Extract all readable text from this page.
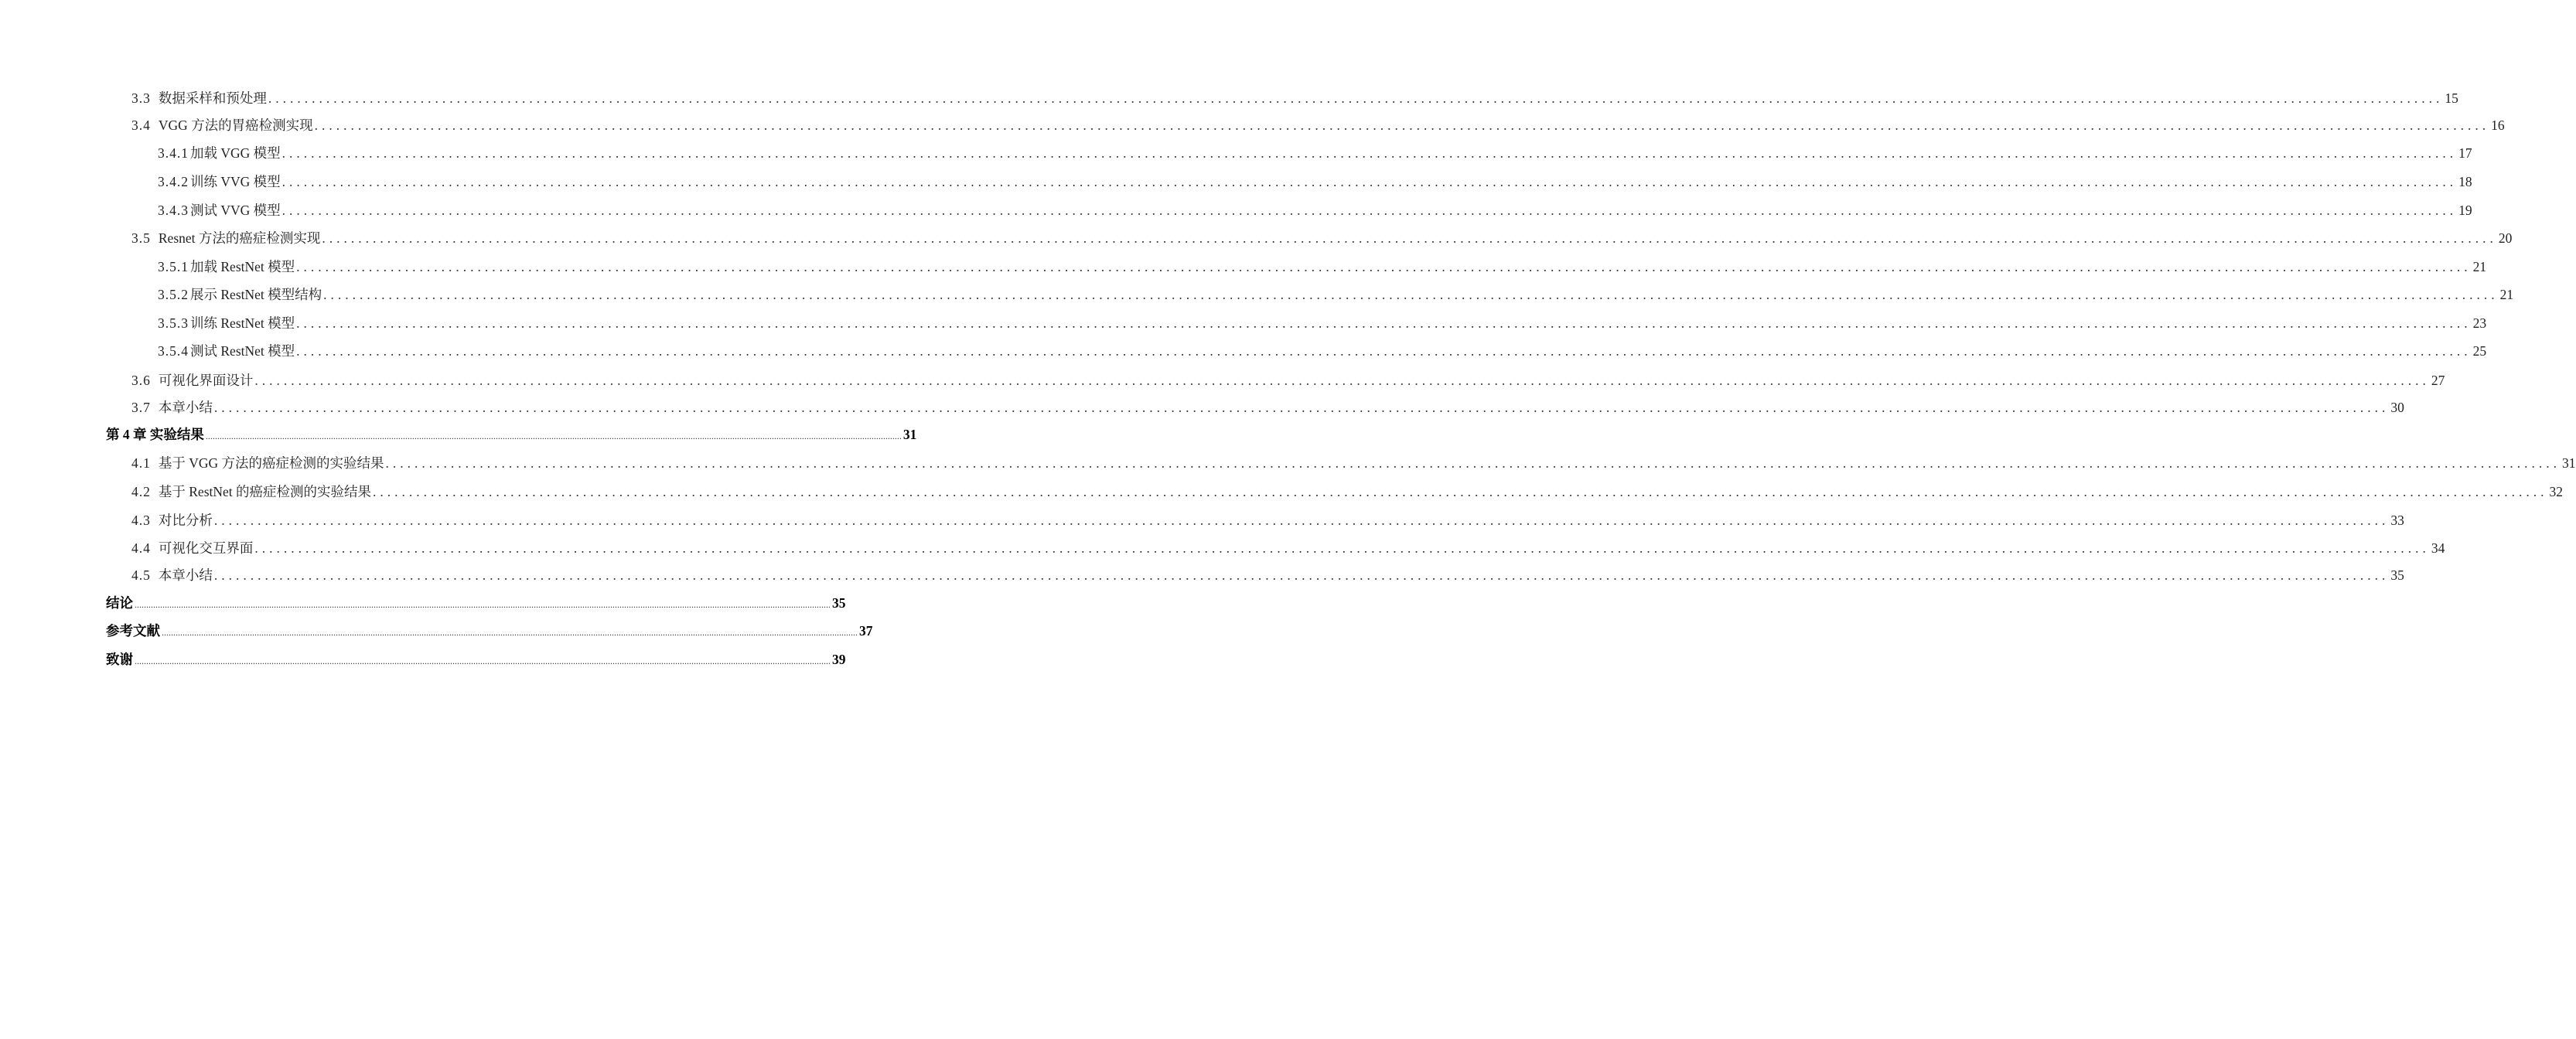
3.3 数据采样和预处理 ............................................................................................................................................................................................................................................................................................................ 15
3.4 VGG 方法的胃癌检测实现 ............................................................................................................................................................................................................................................................................................................ 16
3.4.1 加载 VGG 模型 ............................................................................................................................................................................................................................................................................................................ 17
3.4.2 训练 VVG 模型 ............................................................................................................................................................................................................................................................................................................ 18
3.4.3 测试 VVG 模型 ............................................................................................................................................................................................................................................................................................................ 19
3.5 Resnet 方法的癌症检测实现 ............................................................................................................................................................................................................................................................................................................ 20
3.5.1 加载 RestNet 模型 ............................................................................................................................................................................................................................................................................................................ 21
3.5.2 展示 RestNet 模型结构 ............................................................................................................................................................................................................................................................................................................ 21
3.5.3 训练 RestNet 模型 ............................................................................................................................................................................................................................................................................................................ 23
3.5.4 测试 RestNet 模型 ............................................................................................................................................................................................................................................................................................................ 25
3.6 可视化界面设计 ............................................................................................................................................................................................................................................................................................................ 27
3.7 本章小结 ............................................................................................................................................................................................................................................................................................................ 30
第 4 章 实验结果 ............................................................................................................................................................................................................................................................................................................ 31
4.1 基于 VGG 方法的癌症检测的实验结果 ............................................................................................................................................................................................................................................................................................................ 31
4.2 基于 RestNet 的癌症检测的实验结果 ............................................................................................................................................................................................................................................................................................................ 32
4.3 对比分析 ............................................................................................................................................................................................................................................................................................................ 33
4.4 可视化交互界面 ............................................................................................................................................................................................................................................................................................................ 34
4.5 本章小结 ............................................................................................................................................................................................................................................................................................................ 35
结论 ............................................................................................................................................................................................................................................................................................................ 35
参考文献 ............................................................................................................................................................................................................................................................................................................ 37
致谢 ............................................................................................................................................................................................................................................................................................................ 39
